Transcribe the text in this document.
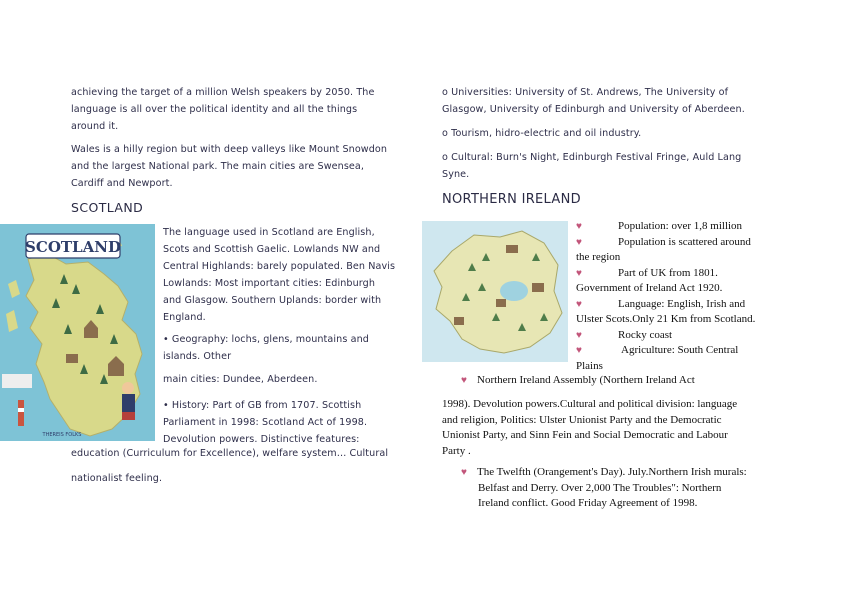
achieving the target of a million Welsh speakers by 2050. The
language is all over the political identity and all the things
around it.
Wales is a hilly region but with deep valleys like Mount Snowdon
and the largest National park. The main cities are Swensea,
Cardiff and Newport.
SCOTLAND
SCOTLAND
THEREIS FOLKS
The language used in Scotland are English,
Scots and Scottish Gaelic. Lowlands NW and
Central Highlands: barely populated. Ben Navis
Lowlands: Most important cities: Edinburgh
and Glasgow. Southern Uplands: border with
England.
• Geography: lochs, glens, mountains and
islands. Other
main cities: Dundee, Aberdeen.
• History: Part of GB from 1707. Scottish
Parliament in 1998: Scotland Act of 1998.
Devolution powers. Distinctive features:
education (Curriculum for Excellence), welfare system… Cultural
nationalist feeling.
o Universities: University of St. Andrews, The University of
Glasgow, University of Edinburgh and University of Aberdeen.
o Tourism, hidro-electric and oil industry.
o Cultural: Burn's Night, Edinburgh Festival Fringe, Auld Lang
Syne.
NORTHERN IRELAND
♥	Population: over 1,8 million
♥	Population is scattered around
the region
♥	Part of UK from 1801.
Government of Ireland Act 1920.
♥	Language: English, Irish and
Ulster Scots.Only 21 Km from Scotland.
♥	Rocky coast
♥	Agriculture: South Central
Plains
♥ Northern Ireland Assembly (Northern Ireland Act
1998). Devolution powers.Cultural and political division: language
and religion, Politics: Ulster Unionist Party and the Democratic
Unionist Party, and Sinn Fein and Social Democratic and Labour
Party .
♥ The Twelfth (Orangement's Day). July.Northern Irish murals:
Belfast and Derry. Over 2,000 The Troubles": Northern
Ireland conflict. Good Friday Agreement of 1998.
